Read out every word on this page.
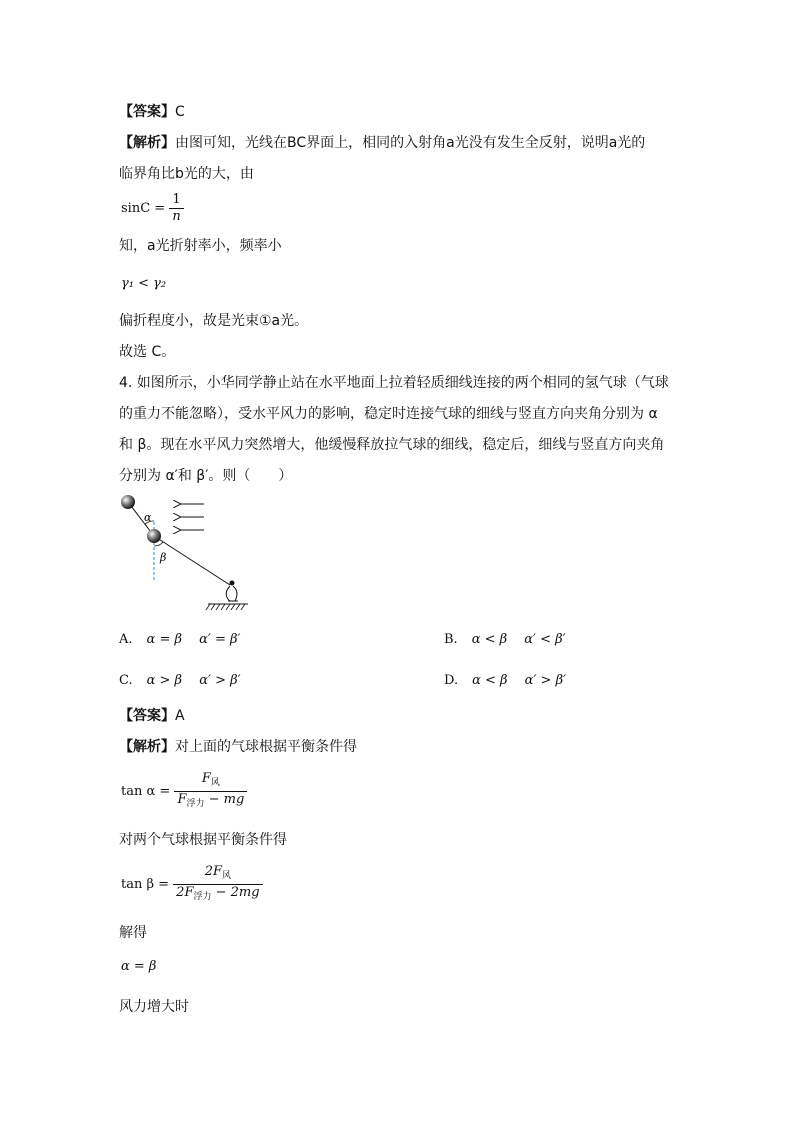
【答案】C
【解析】由图可知，光线在BC界面上，相同的入射角a光没有发生全反射，说明a光的
临界角比b光的大，由
$\sin C = \frac{1}{n}$
知，a光折射率小，频率小
γ₁ < γ₂
偏折程度小，故是光束①a光。
故选 C。
4. 如图所示，小华同学静止站在水平地面上拉着轻质细线连接的两个相同的氢气球（气球
的重力不能忽略），受水平风力的影响，稳定时连接气球的细线与竖直方向夹角分别为 α
和 β。现在水平风力突然增大，他缓慢释放拉气球的细线，稳定后，细线与竖直方向夹角
分别为 α′和 β′。则（　　）
α
β
A. α = β　 α′ = β′	B. α < β　 α′ < β′
C. α > β　 α′ > β′	D. α < β　 α′ > β′
【答案】A
【解析】对上面的气球根据平衡条件得
$\tan \alpha = \frac{F_风}{F_{浮力} - mg}$
对两个气球根据平衡条件得
$\tan \beta = \frac{2F_风}{2F_{浮力} - 2mg}$
解得
α = β
风力增大时
